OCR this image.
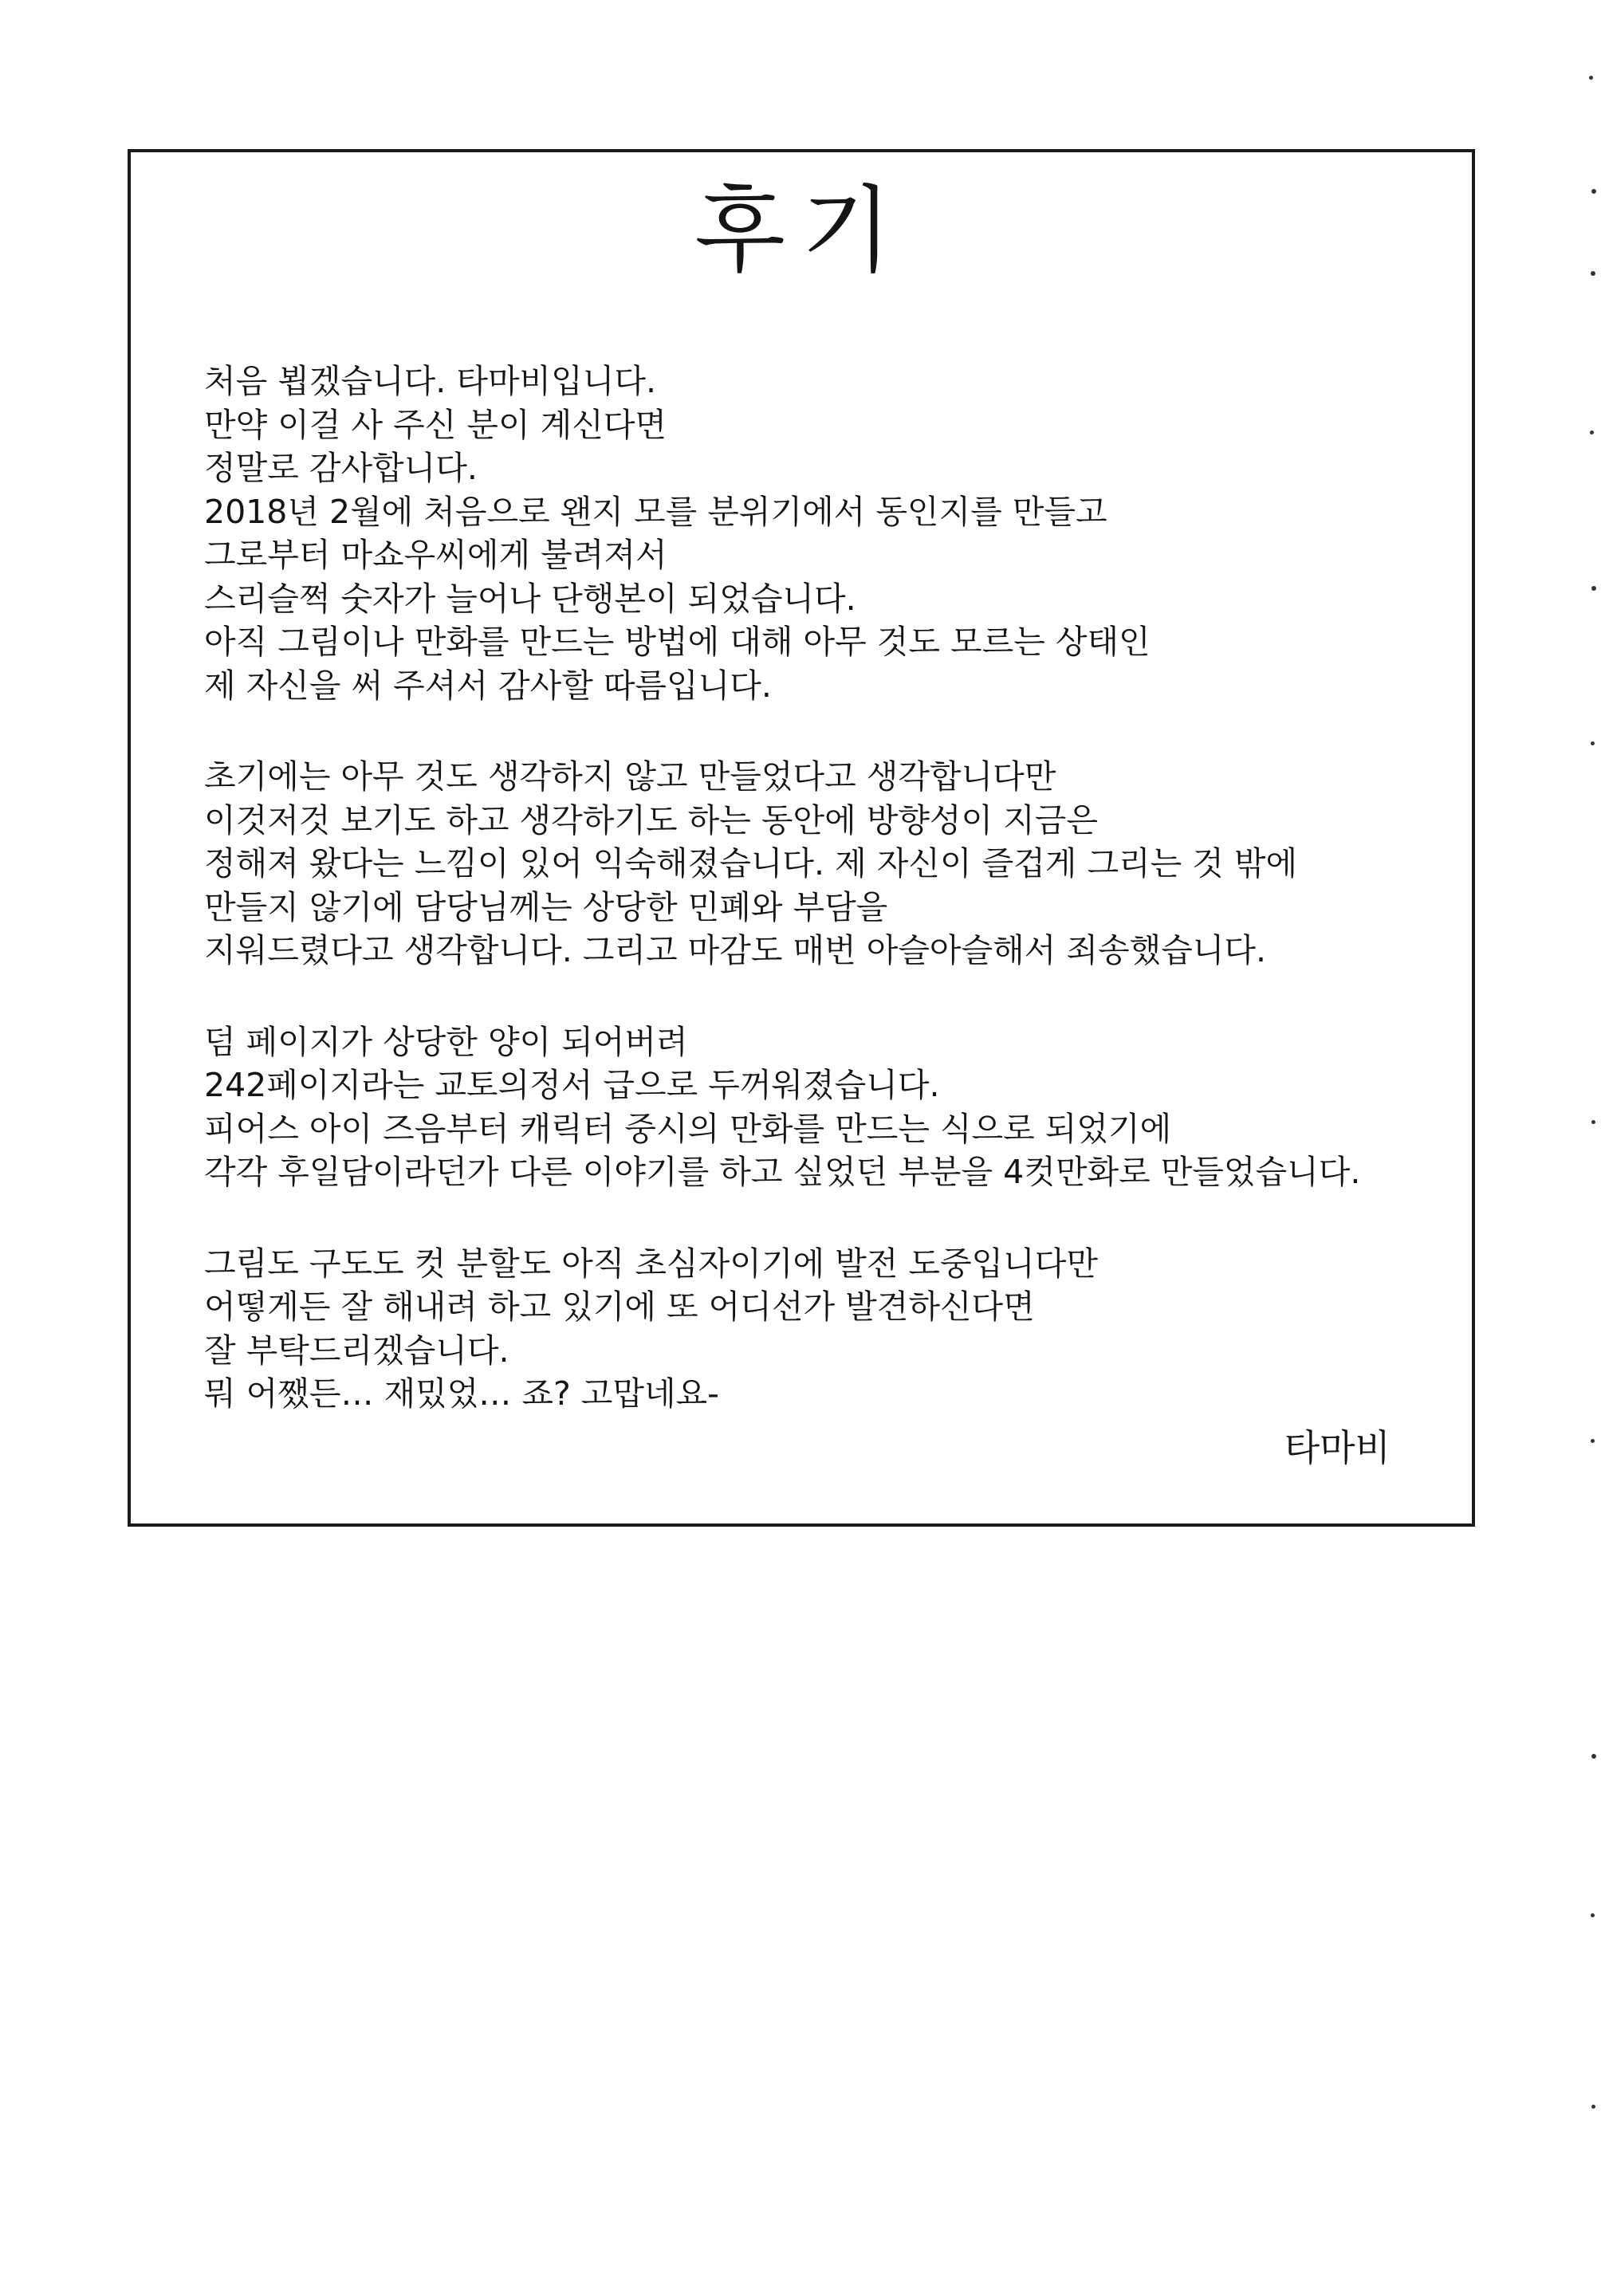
후기

처음 뵙겠습니다. 타마비입니다.
만약 이걸 사 주신 분이 계신다면
정말로 감사합니다.
2018년 2월에 처음으로 왠지 모를 분위기에서 동인지를 만들고
그로부터 마쇼우씨에게 불려져서
스리슬쩍 숫자가 늘어나 단행본이 되었습니다.
아직 그림이나 만화를 만드는 방법에 대해 아무 것도 모르는 상태인
제 자신을 써 주셔서 감사할 따름입니다.

초기에는 아무 것도 생각하지 않고 만들었다고 생각합니다만
이것저것 보기도 하고 생각하기도 하는 동안에 방향성이 지금은
정해져 왔다는 느낌이 있어 익숙해졌습니다. 제 자신이 즐겁게 그리는 것 밖에
만들지 않기에 담당님께는 상당한 민폐와 부담을
지워드렸다고 생각합니다. 그리고 마감도 매번 아슬아슬해서 죄송했습니다.

덤 페이지가 상당한 양이 되어버려
242페이지라는 교토의정서 급으로 두꺼워졌습니다.
피어스 아이 즈음부터 캐릭터 중시의 만화를 만드는 식으로 되었기에
각각 후일담이라던가 다른 이야기를 하고 싶었던 부분을 4컷만화로 만들었습니다.

그림도 구도도 컷 분할도 아직 초심자이기에 발전 도중입니다만
어떻게든 잘 해내려 하고 있기에 또 어디선가 발견하신다면
잘 부탁드리겠습니다.
뭐 어쨌든… 재밌었… 죠? 고맙네요-

타마비
